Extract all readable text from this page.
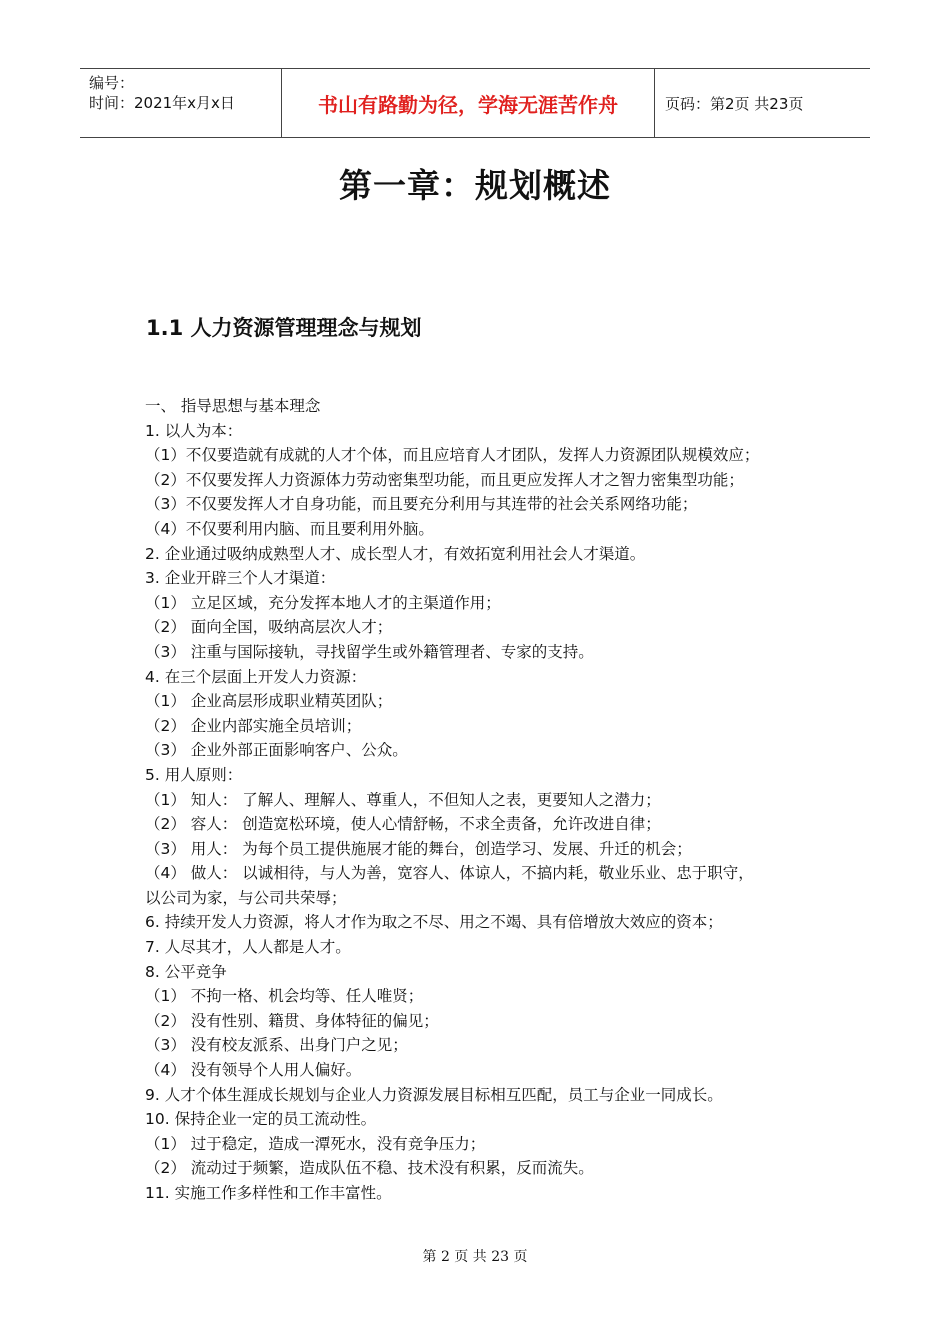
编号：
时间：2021年x月x日	书山有路勤为径，学海无涯苦作舟	页码：第2页 共23页
第一章：规划概述
1.1 人力资源管理理念与规划
一、 指导思想与基本理念
1. 以人为本：
（1）不仅要造就有成就的人才个体，而且应培育人才团队，发挥人力资源团队规模效应；
（2）不仅要发挥人力资源体力劳动密集型功能，而且更应发挥人才之智力密集型功能；
（3）不仅要发挥人才自身功能，而且要充分利用与其连带的社会关系网络功能；
（4）不仅要利用内脑、而且要利用外脑。
2. 企业通过吸纳成熟型人才、成长型人才，有效拓宽利用社会人才渠道。
3. 企业开辟三个人才渠道：
（1） 立足区域，充分发挥本地人才的主渠道作用；
（2） 面向全国，吸纳高层次人才；
（3） 注重与国际接轨，寻找留学生或外籍管理者、专家的支持。
4. 在三个层面上开发人力资源：
（1） 企业高层形成职业精英团队；
（2） 企业内部实施全员培训；
（3） 企业外部正面影响客户、公众。
5. 用人原则：
（1） 知人： 了解人、理解人、尊重人，不但知人之表，更要知人之潜力；
（2） 容人： 创造宽松环境，使人心情舒畅，不求全责备，允许改进自律；
（3） 用人： 为每个员工提供施展才能的舞台，创造学习、发展、升迁的机会；
（4） 做人： 以诚相待，与人为善，宽容人、体谅人，不搞内耗，敬业乐业、忠于职守，
以公司为家，与公司共荣辱；
6. 持续开发人力资源，将人才作为取之不尽、用之不竭、具有倍增放大效应的资本；
7. 人尽其才，人人都是人才。
8. 公平竞争
（1） 不拘一格、机会均等、任人唯贤；
（2） 没有性别、籍贯、身体特征的偏见；
（3） 没有校友派系、出身门户之见；
（4） 没有领导个人用人偏好。
9. 人才个体生涯成长规划与企业人力资源发展目标相互匹配，员工与企业一同成长。
10. 保持企业一定的员工流动性。
（1） 过于稳定，造成一潭死水，没有竞争压力；
（2） 流动过于频繁，造成队伍不稳、技术没有积累，反而流失。
11. 实施工作多样性和工作丰富性。
第 2 页 共 23 页
